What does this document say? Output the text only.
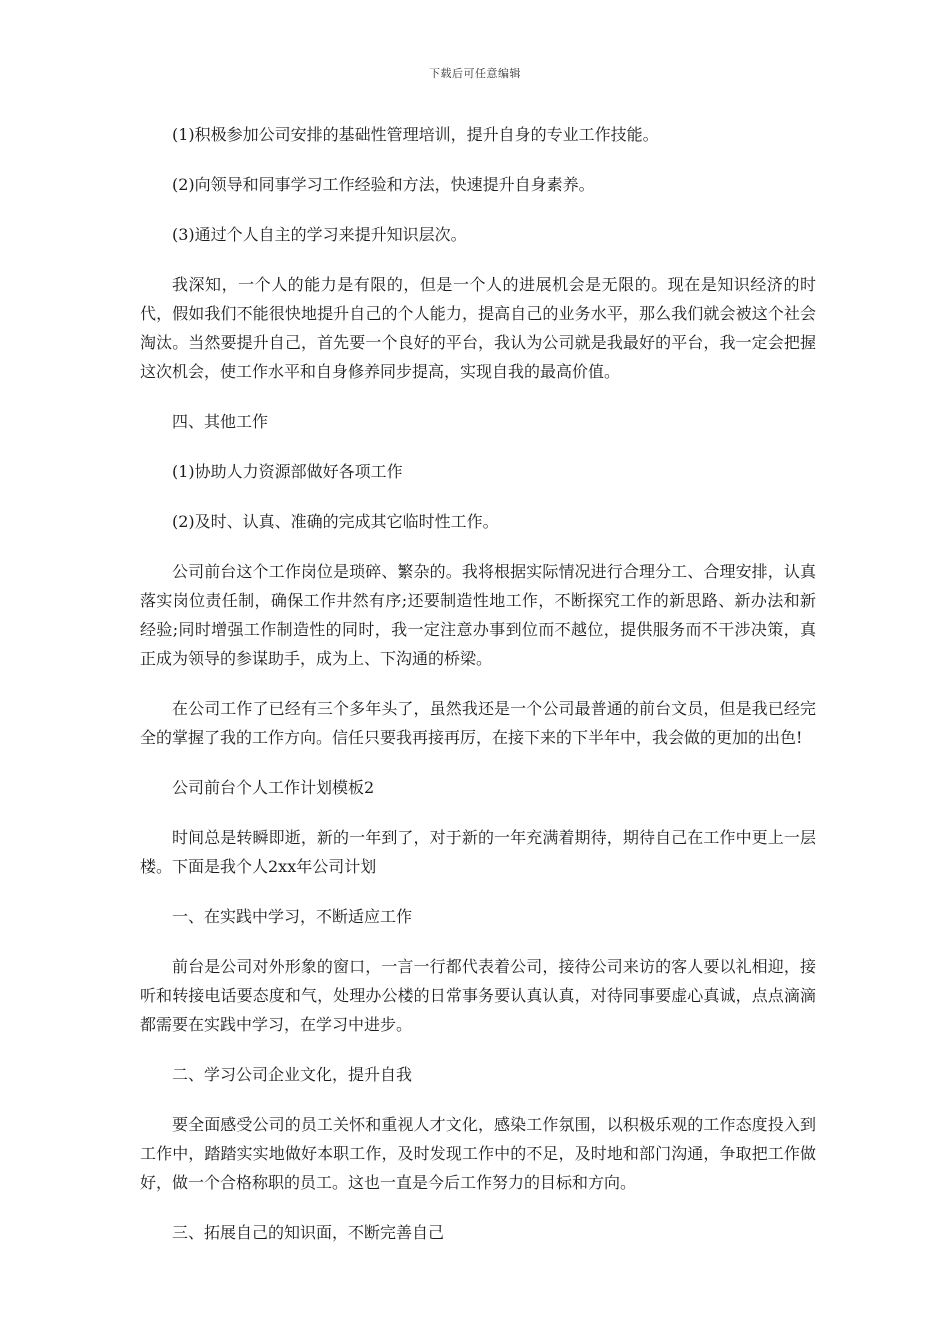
下载后可任意编辑

(1)积极参加公司安排的基础性管理培训，提升自身的专业工作技能。

(2)向领导和同事学习工作经验和方法，快速提升自身素养。

(3)通过个人自主的学习来提升知识层次。

我深知，一个人的能力是有限的，但是一个人的进展机会是无限的。现在是知识经济的时代，假如我们不能很快地提升自己的个人能力，提高自己的业务水平，那么我们就会被这个社会淘汰。当然要提升自己，首先要一个良好的平台，我认为公司就是我最好的平台，我一定会把握这次机会，使工作水平和自身修养同步提高，实现自我的最高价值。

四、其他工作

(1)协助人力资源部做好各项工作

(2)及时、认真、准确的完成其它临时性工作。

公司前台这个工作岗位是琐碎、繁杂的。我将根据实际情况进行合理分工、合理安排，认真落实岗位责任制，确保工作井然有序;还要制造性地工作，不断探究工作的新思路、新办法和新经验;同时增强工作制造性的同时，我一定注意办事到位而不越位，提供服务而不干涉决策，真正成为领导的参谋助手，成为上、下沟通的桥梁。

在公司工作了已经有三个多年头了，虽然我还是一个公司最普通的前台文员，但是我已经完全的掌握了我的工作方向。信任只要我再接再厉，在接下来的下半年中，我会做的更加的出色!

公司前台个人工作计划模板2

时间总是转瞬即逝，新的一年到了，对于新的一年充满着期待，期待自己在工作中更上一层楼。下面是我个人2xx年公司计划

一、在实践中学习，不断适应工作

前台是公司对外形象的窗口，一言一行都代表着公司，接待公司来访的客人要以礼相迎，接听和转接电话要态度和气，处理办公楼的日常事务要认真认真，对待同事要虚心真诚，点点滴滴都需要在实践中学习，在学习中进步。

二、学习公司企业文化，提升自我

要全面感受公司的员工关怀和重视人才文化，感染工作氛围，以积极乐观的工作态度投入到工作中，踏踏实实地做好本职工作，及时发现工作中的不足，及时地和部门沟通，争取把工作做好，做一个合格称职的员工。这也一直是今后工作努力的目标和方向。

三、拓展自己的知识面，不断完善自己
